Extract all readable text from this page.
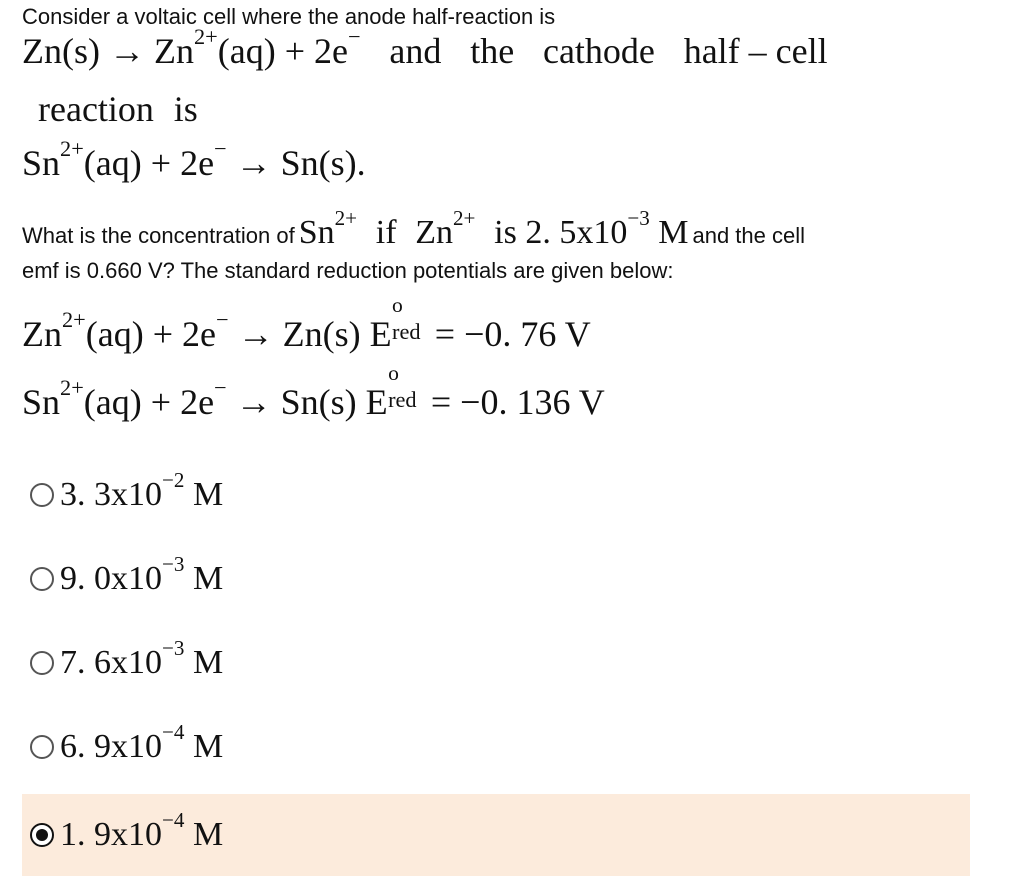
Consider a voltaic cell where the anode half-reaction is
$Zn(s) \to Zn^{2+}(aq) + 2e^-$ and the cathode half – cell
reaction is
$Sn^{2+}(aq) + 2e^- \to Sn(s)$.
What is the concentration of $Sn^{2+}$ if $Zn^{2+}$ is 2. $5x10^{-3}$ M and the cell
emf is 0.660 V? The standard reduction potentials are given below:
$Zn^{2+}(aq) + 2e^- \to Zn(s)$ E
o
red = −0. 76 V
$Sn^{2+}(aq) + 2e^- \to Sn(s)$ E
o
red = −0. 136 V
3. $3x10^{-2}$ M
9. $0x10^{-3}$ M
7. $6x10^{-3}$ M
6. $9x10^{-4}$ M
1. $9x10^{-4}$ M
